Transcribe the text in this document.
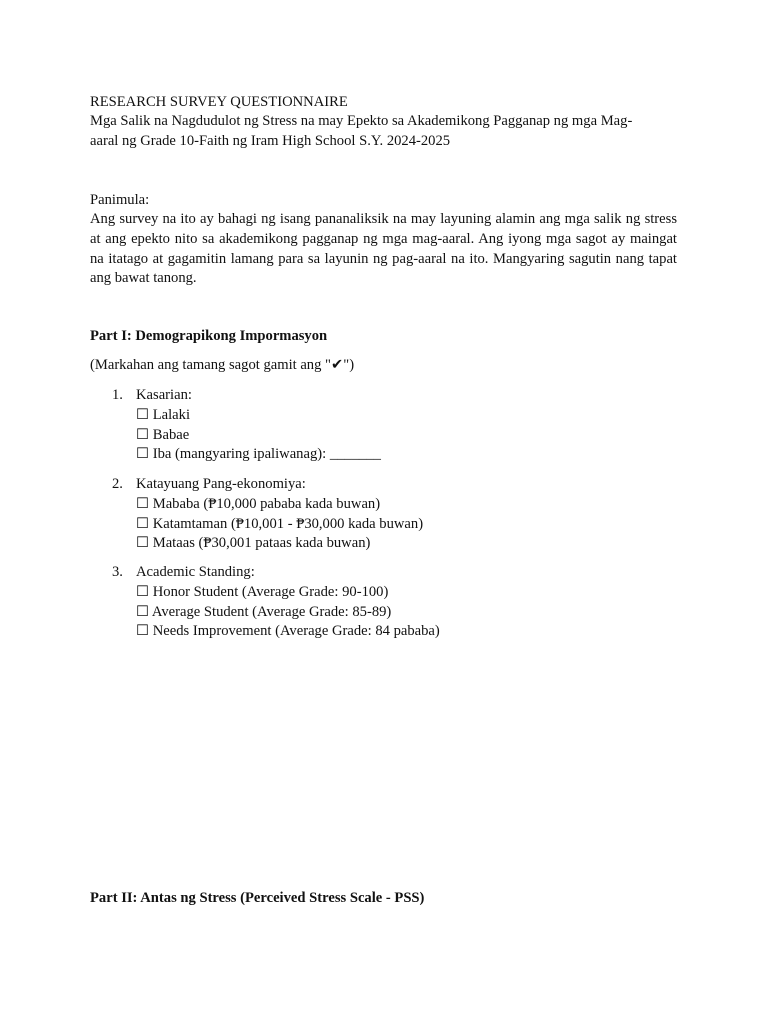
RESEARCH SURVEY QUESTIONNAIRE
Mga Salik na Nagdudulot ng Stress na may Epekto sa Akademikong Pagganap ng mga Mag-
aaral ng Grade 10-Faith ng Iram High School S.Y. 2024-2025
Panimula:
Ang survey na ito ay bahagi ng isang pananaliksik na may layuning alamin ang mga salik ng stress at ang epekto nito sa akademikong pagganap ng mga mag-aaral. Ang iyong mga sagot ay maingat na itatago at gagamitin lamang para sa layunin ng pag-aaral na ito. Mangyaring sagutin nang tapat ang bawat tanong.
Part I: Demograpikong Impormasyon
(Markahan ang tamang sagot gamit ang "✔")
1. Kasarian:
☐ Lalaki
☐ Babae
☐ Iba (mangyaring ipaliwanag): _______
2. Katayuang Pang-ekonomiya:
☐ Mababa (₱10,000 pababa kada buwan)
☐ Katamtaman (₱10,001 - ₱30,000 kada buwan)
☐ Mataas (₱30,001 pataas kada buwan)
3. Academic Standing:
☐ Honor Student (Average Grade: 90-100)
☐ Average Student (Average Grade: 85-89)
☐ Needs Improvement (Average Grade: 84 pababa)
Part II: Antas ng Stress (Perceived Stress Scale - PSS)
